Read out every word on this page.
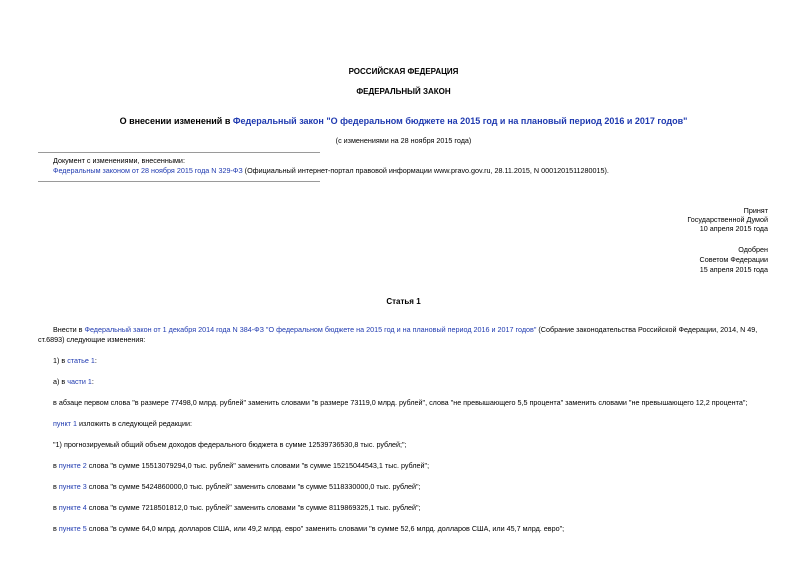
РОССИЙСКАЯ ФЕДЕРАЦИЯ
ФЕДЕРАЛЬНЫЙ ЗАКОН
О внесении изменений в Федеральный закон "О федеральном бюджете на 2015 год и на плановый период 2016 и 2017 годов"
(с изменениями на 28 ноября 2015 года)
Документ с изменениями, внесенными:
Федеральным законом от 28 ноября 2015 года N 329-ФЗ (Официальный интернет-портал правовой информации www.pravo.gov.ru, 28.11.2015, N 0001201511280015).
Принят
Государственной Думой
10 апреля 2015 года
Одобрен
Советом Федерации
15 апреля 2015 года
Статья 1
Внести в Федеральный закон от 1 декабря 2014 года N 384-ФЗ "О федеральном бюджете на 2015 год и на плановый период 2016 и 2017 годов" (Собрание законодательства Российской Федерации, 2014, N 49,
ст.6893) следующие изменения:
1) в статье 1:
а) в части 1:
в абзаце первом слова "в размере 77498,0 млрд. рублей" заменить словами "в размере 73119,0 млрд. рублей", слова "не превышающего 5,5 процента" заменить словами "не превышающего 12,2 процента";
пункт 1 изложить в следующей редакции:
"1) прогнозируемый общий объем доходов федерального бюджета в сумме 12539736530,8 тыс. рублей;";
в пункте 2 слова "в сумме 15513079294,0 тыс. рублей" заменить словами "в сумме 15215044543,1 тыс. рублей";
в пункте 3 слова "в сумме 5424860000,0 тыс. рублей" заменить словами "в сумме 5118330000,0 тыс. рублей";
в пункте 4 слова "в сумме 7218501812,0 тыс. рублей" заменить словами "в сумме 8119869325,1 тыс. рублей";
в пункте 5 слова "в сумме 64,0 млрд. долларов США, или 49,2 млрд. евро" заменить словами "в сумме 52,6 млрд. долларов США, или 45,7 млрд. евро";
